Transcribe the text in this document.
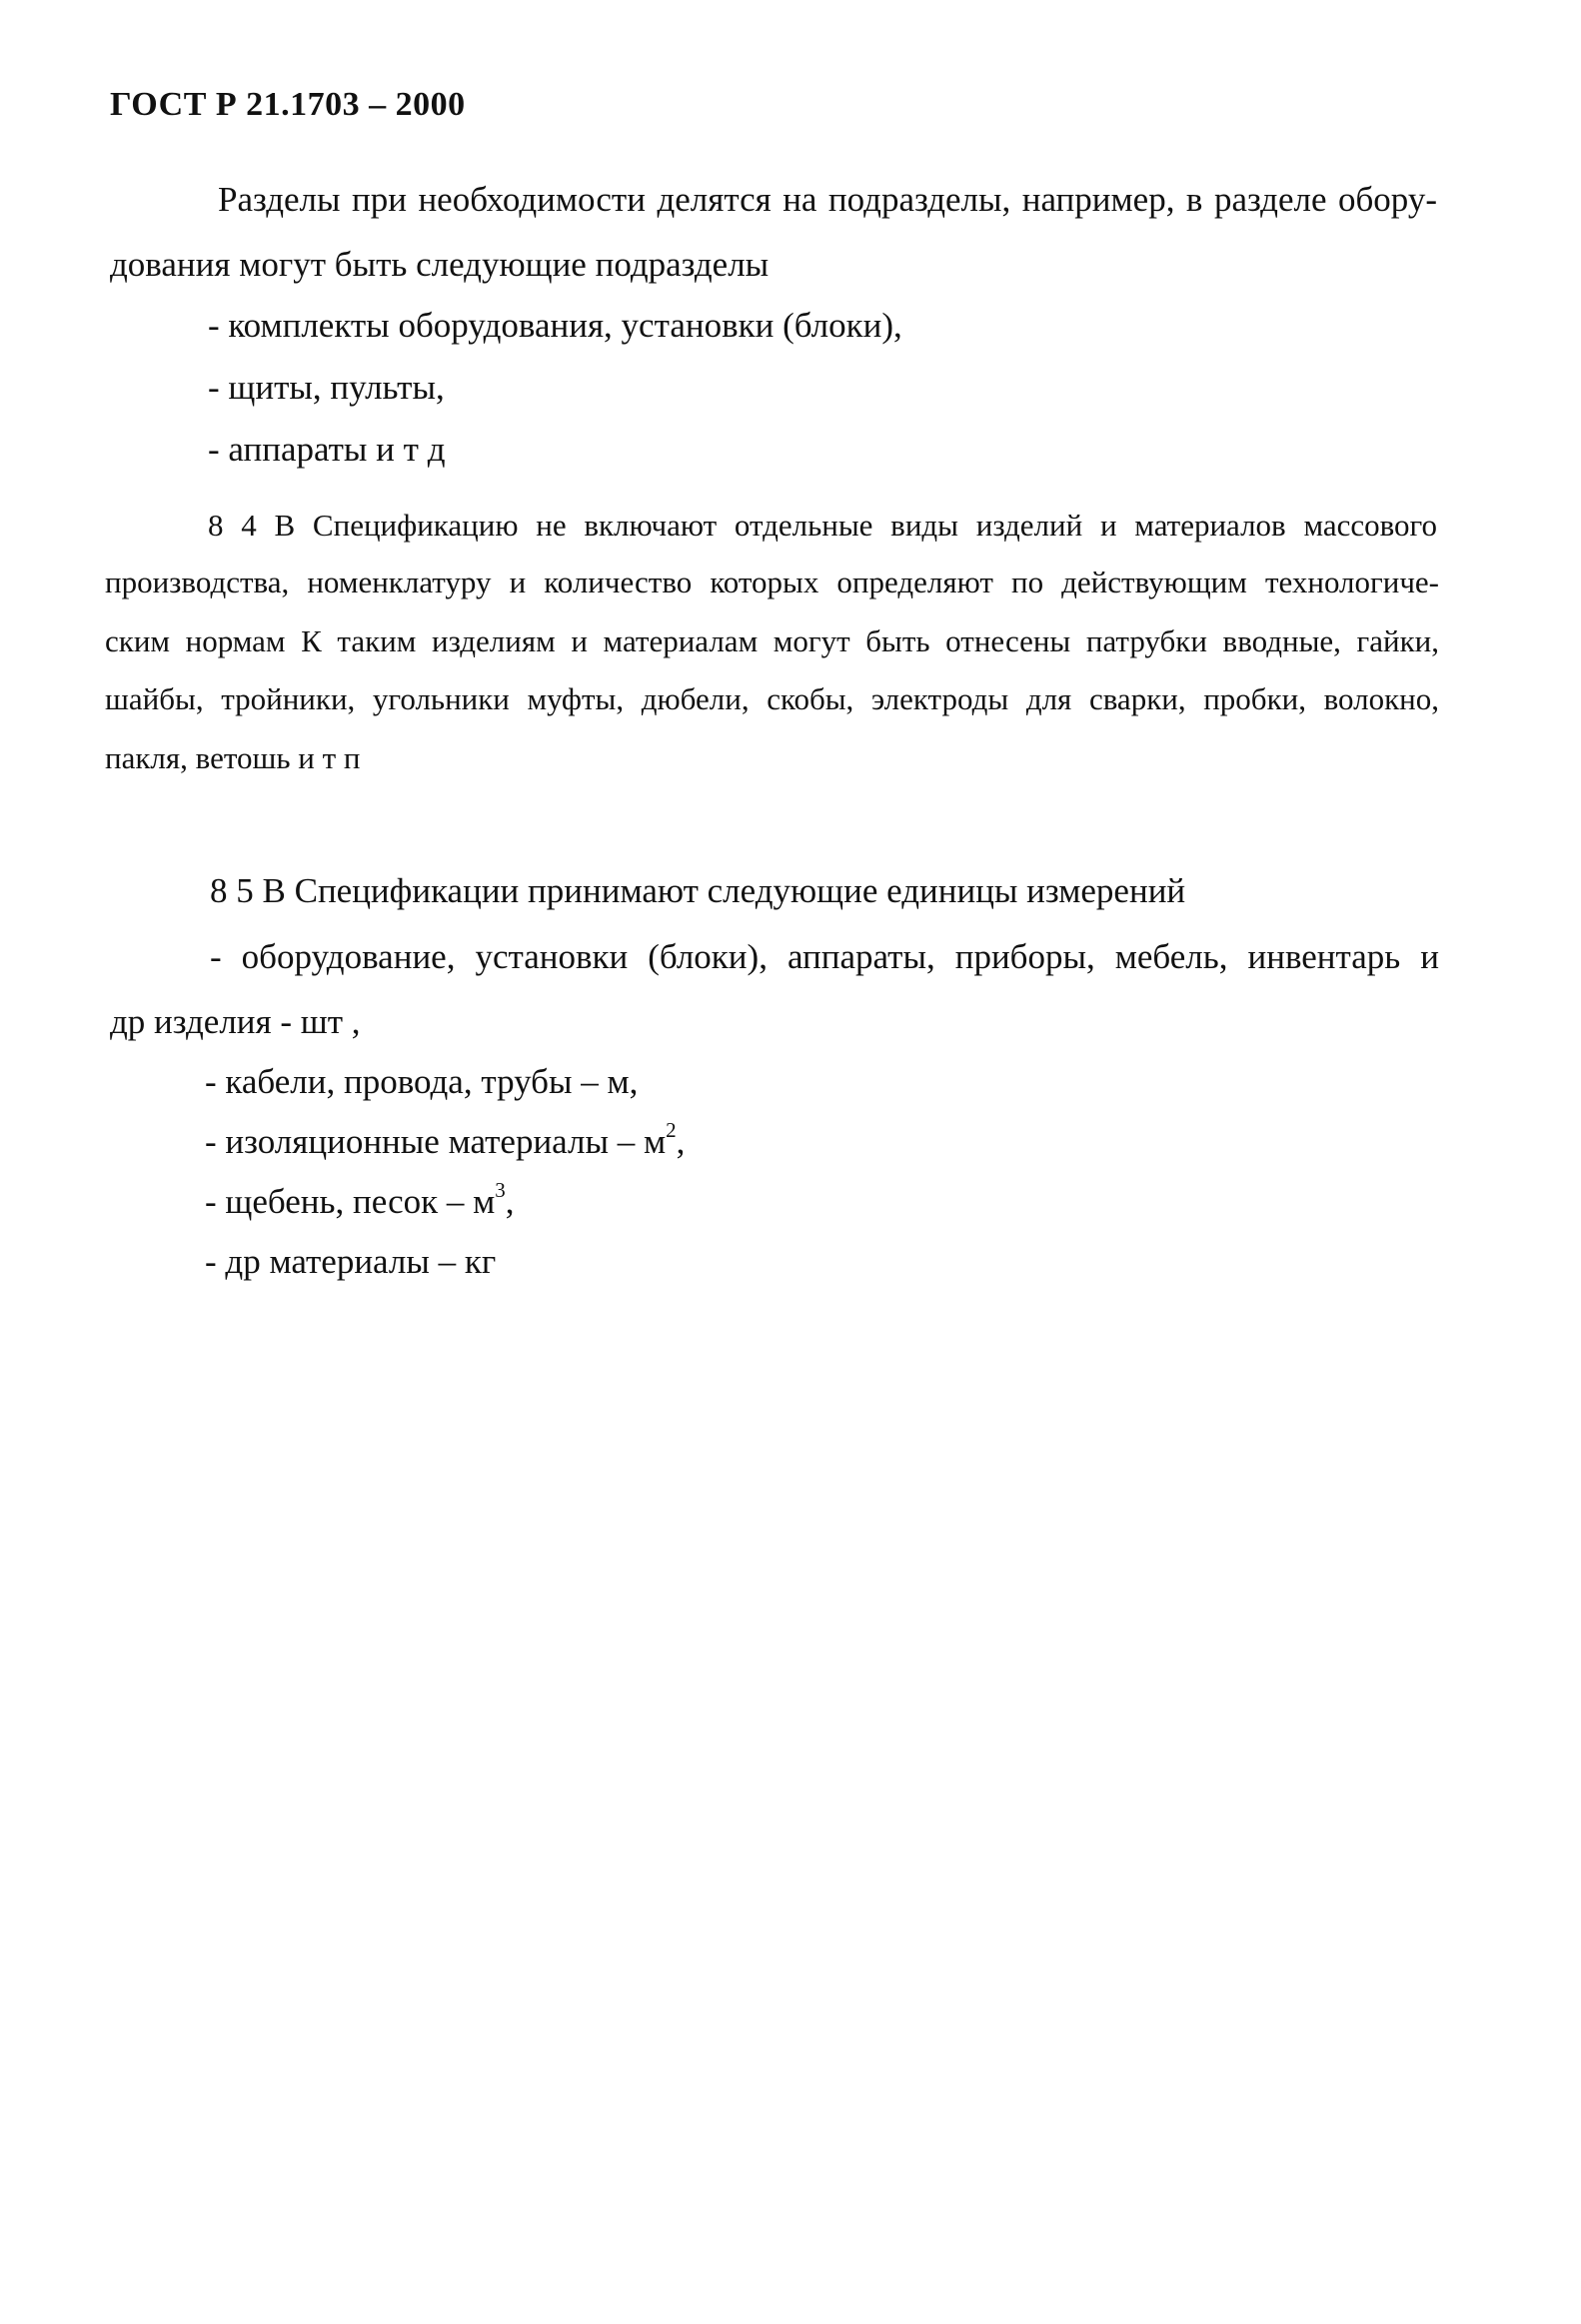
ГОСТ Р 21.1703 – 2000
Разделы при необходимости делятся на подразделы, например, в разделе обору-
дования могут быть следующие подразделы
- комплекты оборудования, установки (блоки),
- щиты, пульты,
- аппараты и т д
8 4 В Спецификацию не включают отдельные виды изделий и материалов массового
производства, номенклатуру и количество которых определяют по действующим технологиче-
ским нормам К таким изделиям и материалам могут быть отнесены патрубки вводные, гайки,
шайбы, тройники, угольники муфты, дюбели, скобы, электроды для сварки, пробки, волокно,
пакля, ветошь и т п
8 5 В Спецификации принимают следующие единицы измерений
- оборудование, установки (блоки), аппараты, приборы, мебель, инвентарь и
др изделия - шт ,
- кабели, провода, трубы – м,
- изоляционные материалы – $м^2$,
- щебень, песок – $м^3$,
- др материалы – кг
